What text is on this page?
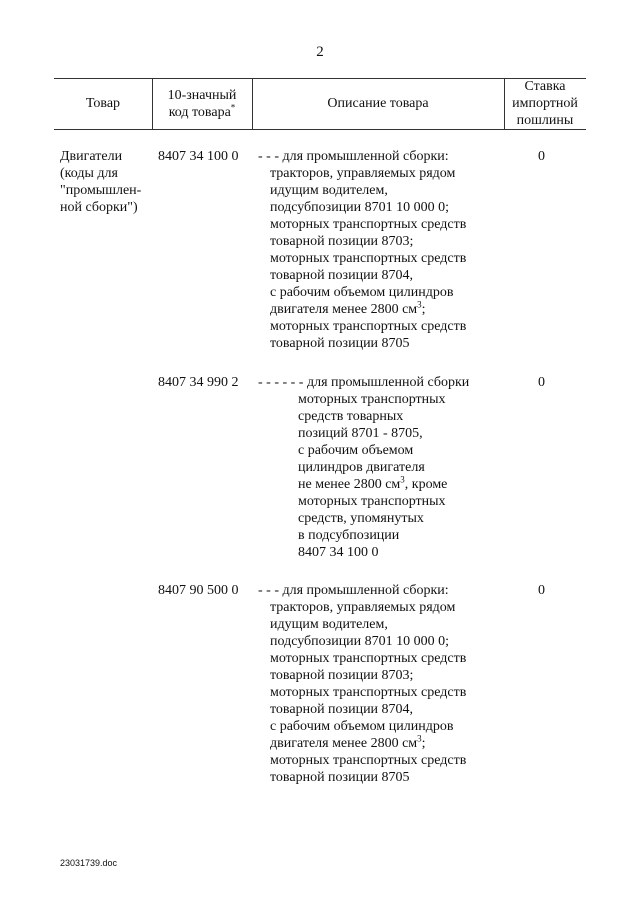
2
Товар
10-значный
код товара*	Описание товара
Ставка
импортной
пошлины
Двигатели
(коды для
"промышлен-
ной сборки")
8407 34 100 0 - - - для промышленной сборки:
тракторов, управляемых рядом
идущим водителем,
подсубпозиции 8701 10 000 0;
моторных транспортных средств
товарной позиции 8703;
моторных транспортных средств
товарной позиции 8704,
с рабочим объемом цилиндров
двигателя менее 2800 $см^3$;
моторных транспортных средств
товарной позиции 8705
0
8407 34 990 2 - - - - - - для промышленной сборки
моторных транспортных
средств товарных
позиций 8701 - 8705,
с рабочим объемом
цилиндров двигателя
не менее 2800 $см^3$, кроме
моторных транспортных
средств, упомянутых
в подсубпозиции
8407 34 100 0
0
8407 90 500 0 - - - для промышленной сборки:
тракторов, управляемых рядом
идущим водителем,
подсубпозиции 8701 10 000 0;
моторных транспортных средств
товарной позиции 8703;
моторных транспортных средств
товарной позиции 8704,
с рабочим объемом цилиндров
двигателя менее 2800 $см^3$;
моторных транспортных средств
товарной позиции 8705
0
23031739.doc
